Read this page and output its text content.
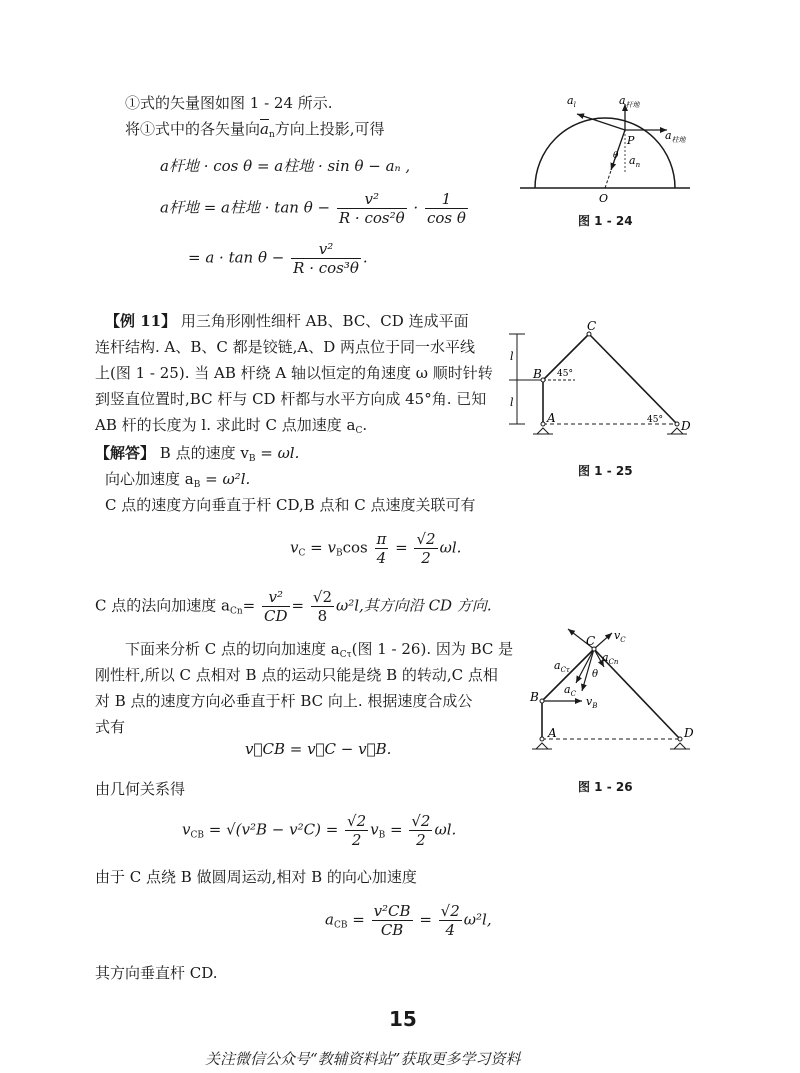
①式的矢量图如图 1 - 24 所示.
将①式中的各矢量向$\overline{a}_n$方向上投影,可得
a杆地 · cos θ = a柱地 · sin θ − aₙ ,
a杆地 = a柱地 · $\tan \theta - \frac{\text{v²}}{\text{R · cos²θ}} \cdot \frac{1}{\text{cos θ}}$
= $a \cdot \tan \theta - \frac{\text{v²}}{\text{R · cos³θ}}$ .
$a_l$	$a_{杆地}$
$a_{柱地}$
P
θ $a_n$
O
图 1 - 24
【例 11】 用三角形刚性细杆 AB、BC、CD 连成平面
连杆结构. A、B、C 都是铰链,A、D 两点位于同一水平线
上(图 1 - 25). 当 AB 杆绕 A 轴以恒定的角速度 ω 顺时针转
到竖直位置时,BC 杆与 CD 杆都与水平方向成 45°角. 已知
AB 杆的长度为 l. 求此时 C 点加速度 $a_C$.
C
B
A
D
l
l
45°
45°
图 1 - 25
【解答】 B 点的速度 $v_B = \omega l$.
向心加速度 $a_B = \omega^2l$.
C 点的速度方向垂直于杆 CD,B 点和 C 点速度关联可有
$v_C = v_B\cos \frac{\pi}{4} = \frac{√2}{2} \omega l$.
C 点的法向加速度 $a_{Cn}= \frac{\text{v²}}{CD} = \frac{√2}{8} \omega^2l$,其方向沿 CD 方向.
下面来分析 C 点的切向加速度 $a_{C\tau}$(图 1 - 26). 因为 BC 是
刚性杆,所以 C 点相对 B 点的运动只能是绕 B 的转动,C 点相
对 B 点的速度方向必垂直于杆 BC 向上. 根据速度合成公
式有
C $v_C$
$a_{C\tau}$
$a_{Cn}$
$a_C$
θ
B	$v_B$
A	D
图 1 - 26
v⃗CB = v⃗C − v⃗B.
由几何关系得
$v_{CB} = √(v^2B - v^2C) = \frac{√2}{2} v_B = \frac{√2}{2} \omega l$.
由于 C 点绕 B 做圆周运动,相对 B 的向心加速度
$a_{CB} = \frac{\text{v²CB}}{CB} = \frac{√2}{4} \omega^2l$,
其方向垂直杆 CD.
15
关注微信公众号“教辅资料站”获取更多学习资料
